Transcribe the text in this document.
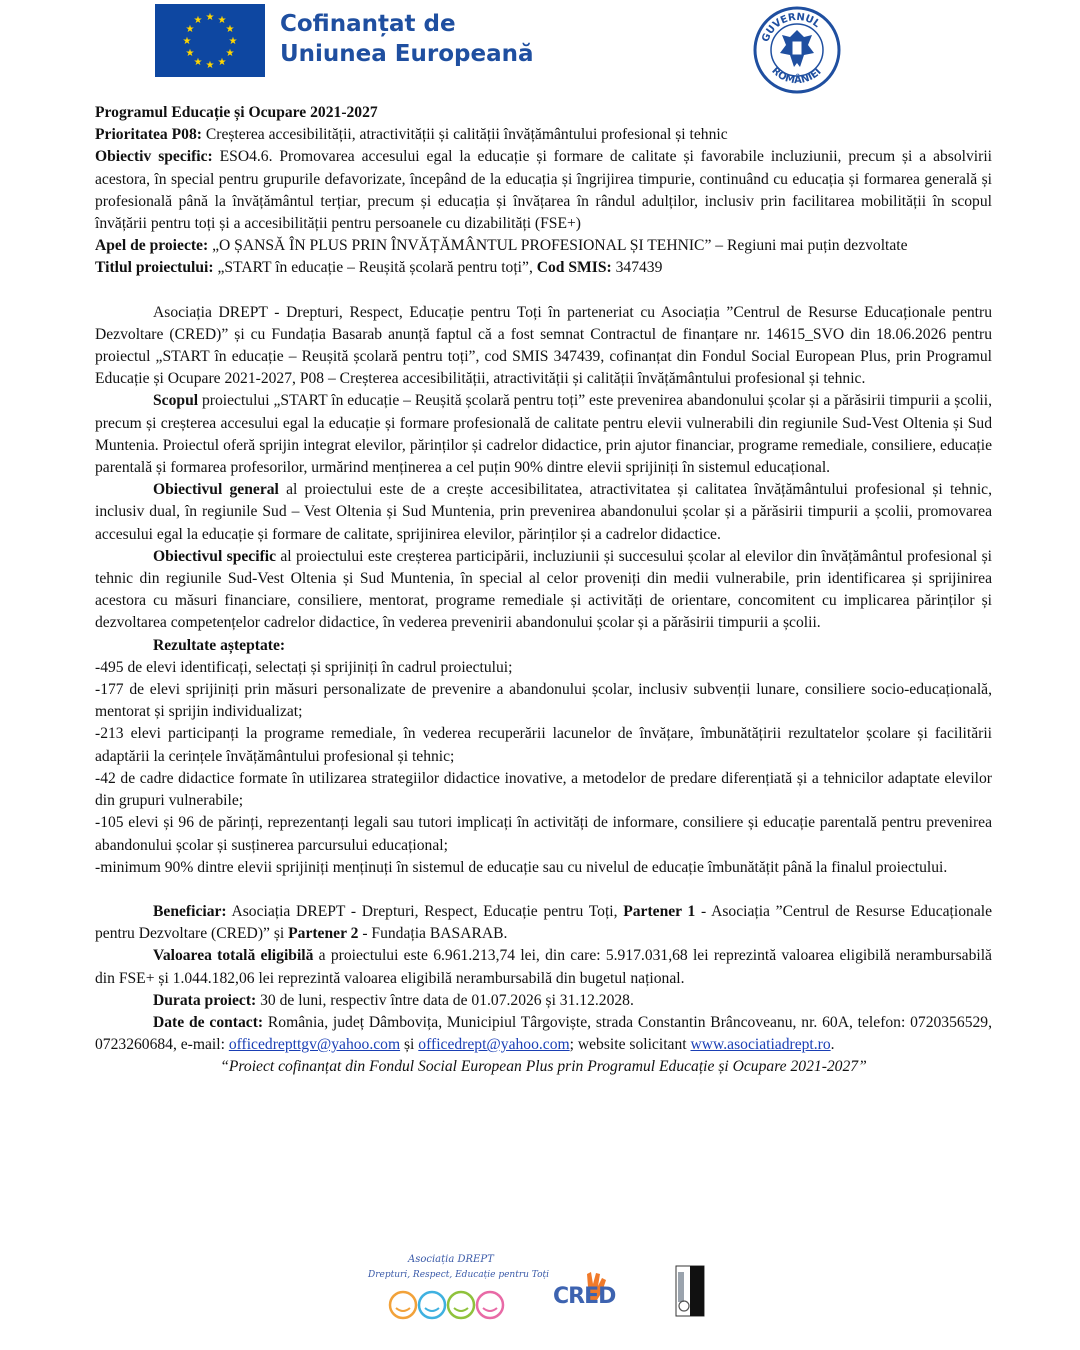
★ ★
★
★
★
★
★
★
★
★
★
★	Cofinanțat de
Uniunea Europeană
GUVERNUL
ROMÂNIEI

Programul Educație și Ocupare 2021-2027

Prioritatea P08: Creșterea accesibilității, atractivității și calității învățământului profesional și tehnic

Obiectiv specific: ESO4.6. Promovarea accesului egal la educație și formare de calitate și favorabile incluziunii, precum și a absolvirii acestora, în special pentru grupurile defavorizate, începând de la educația și îngrijirea timpurie, continuând cu educația și formarea generală și profesională până la învățământul terțiar, precum și educația și învățarea în rândul adulților, inclusiv prin facilitarea mobilității în scopul învățării pentru toți și a accesibilității pentru persoanele cu dizabilități (FSE+)

Apel de proiecte: „O ȘANSĂ ÎN PLUS PRIN ÎNVĂȚĂMÂNTUL PROFESIONAL ȘI TEHNIC” – Regiuni mai puțin dezvoltate

Titlul proiectului: „START în educație – Reușită școlară pentru toți”, Cod SMIS: 347439

Asociația DREPT - Drepturi, Respect, Educație pentru Toți în parteneriat cu Asociația ”Centrul de Resurse Educaționale pentru Dezvoltare (CRED)” și cu Fundația Basarab anunță faptul că a fost semnat Contractul de finanțare nr. 14615_SVO din 18.06.2026 pentru proiectul „START în educație – Reușită școlară pentru toți”, cod SMIS 347439, cofinanțat din Fondul Social European Plus, prin Programul Educație și Ocupare 2021-2027, P08 – Creșterea accesibilității, atractivității și calității învățământului profesional și tehnic.

Scopul proiectului „START în educație – Reușită școlară pentru toți” este prevenirea abandonului școlar și a părăsirii timpurii a școlii, precum și creșterea accesului egal la educație și formare profesională de calitate pentru elevii vulnerabili din regiunile Sud-Vest Oltenia și Sud Muntenia. Proiectul oferă sprijin integrat elevilor, părinților și cadrelor didactice, prin ajutor financiar, programe remediale, consiliere, educație parentală și formarea profesorilor, urmărind menținerea a cel puțin 90% dintre elevii sprijiniți în sistemul educațional.

Obiectivul general al proiectului este de a crește accesibilitatea, atractivitatea și calitatea învățământului profesional și tehnic, inclusiv dual, în regiunile Sud – Vest Oltenia și Sud Muntenia, prin prevenirea abandonului școlar și a părăsirii timpurii a școlii, promovarea accesului egal la educație și formare de calitate, sprijinirea elevilor, părinților și a cadrelor didactice.

Obiectivul specific al proiectului este creșterea participării, incluziunii și succesului școlar al elevilor din învățământul profesional și tehnic din regiunile Sud-Vest Oltenia și Sud Muntenia, în special al celor proveniți din medii vulnerabile, prin identificarea și sprijinirea acestora cu măsuri financiare, consiliere, mentorat, programe remediale și activități de orientare, concomitent cu implicarea părinților și dezvoltarea competențelor cadrelor didactice, în vederea prevenirii abandonului școlar și a părăsirii timpurii a școlii.

Rezultate așteptate:

-495 de elevi identificați, selectați și sprijiniți în cadrul proiectului;

-177 de elevi sprijiniți prin măsuri personalizate de prevenire a abandonului școlar, inclusiv subvenții lunare, consiliere socio-educațională, mentorat și sprijin individualizat;

-213 elevi participanți la programe remediale, în vederea recuperării lacunelor de învățare, îmbunătățirii rezultatelor școlare și facilitării adaptării la cerințele învățământului profesional și tehnic;

-42 de cadre didactice formate în utilizarea strategiilor didactice inovative, a metodelor de predare diferențiată și a tehnicilor adaptate elevilor din grupuri vulnerabile;

-105 elevi și 96 de părinți, reprezentanți legali sau tutori implicați în activități de informare, consiliere și educație parentală pentru prevenirea abandonului școlar și susținerea parcursului educațional;

-minimum 90% dintre elevii sprijiniți menținuți în sistemul de educație sau cu nivelul de educație îmbunătățit până la finalul proiectului.

Beneficiar: Asociația DREPT - Drepturi, Respect, Educație pentru Toți, Partener 1 - Asociația ”Centrul de Resurse Educaționale pentru Dezvoltare (CRED)” și Partener 2 - Fundația BASARAB.

Valoarea totală eligibilă a proiectului este 6.961.213,74 lei, din care: 5.917.031,68 lei reprezintă valoarea eligibilă nerambursabilă din FSE+ și 1.044.182,06 lei reprezintă valoarea eligibilă nerambursabilă din bugetul național.

Durata proiect: 30 de luni, respectiv între data de 01.07.2026 și 31.12.2028.

Date de contact: România, județ Dâmbovița, Municipiul Târgoviște, strada Constantin Brâncoveanu, nr. 60A, telefon: 0720356529, 0723260684, e-mail: officedrepttgv@yahoo.com și officedrept@yahoo.com; website solicitant www.asociatiadrept.ro.

“Proiect cofinanțat din Fondul Social European Plus prin Programul Educație și Ocupare 2021-2027”

Asociația DREPT
Drepturi, Respect, Educație pentru Toți
CRED
